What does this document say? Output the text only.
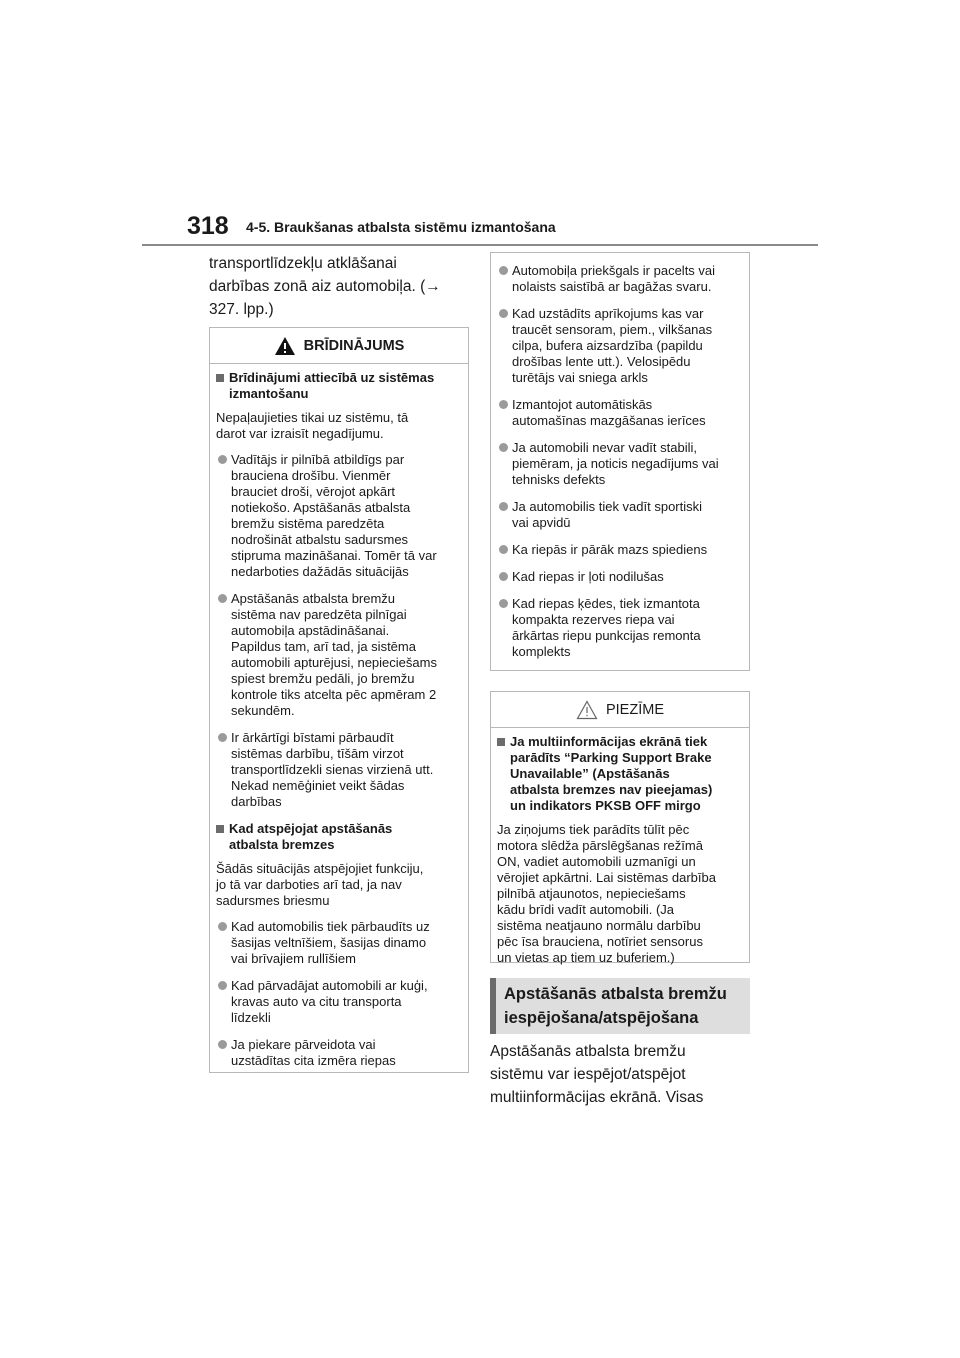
318 4-5. Braukšanas atbalsta sistēmu izmantošana

transportlīdzekļu atklāšanai
darbības zonā aiz automobiļa. (→
327. lpp.)

BRĪDINĀJUMS
Brīdinājumi attiecībā uz sistēmas
izmantošanu

Nepaļaujieties tikai uz sistēmu, tā
darot var izraisīt negadījumu.

Vadītājs ir pilnībā atbildīgs par
brauciena drošību. Vienmēr
brauciet droši, vērojot apkārt
notiekošo. Apstāšanās atbalsta
bremžu sistēma paredzēta
nodrošināt atbalstu sadursmes
stipruma mazināšanai. Tomēr tā var
nedarboties dažādās situācijās
Apstāšanās atbalsta bremžu
sistēma nav paredzēta pilnīgai
automobiļa apstādināšanai.
Papildus tam, arī tad, ja sistēma
automobili apturējusi, nepieciešams
spiest bremžu pedāli, jo bremžu
kontrole tiks atcelta pēc apmēram 2
sekundēm.
Ir ārkārtīgi bīstami pārbaudīt
sistēmas darbību, tīšām virzot
transportlīdzekli sienas virzienā utt.
Nekad nemēģiniet veikt šādas
darbības
Kad atspējojat apstāšanās
atbalsta bremzes

Šādās situācijās atspējojiet funkciju,
jo tā var darboties arī tad, ja nav
sadursmes briesmu

Kad automobilis tiek pārbaudīts uz
šasijas veltnīšiem, šasijas dinamo
vai brīvajiem rullīšiem
Kad pārvadājat automobili ar kuģi,
kravas auto va citu transporta
līdzekli
Ja piekare pārveidota vai
uzstādītas cita izmēra riepas
Automobiļa priekšgals ir pacelts vai
nolaists saistībā ar bagāžas svaru.
Kad uzstādīts aprīkojums kas var
traucēt sensoram, piem., vilkšanas
cilpa, bufera aizsardzība (papildu
drošības lente utt.). Velosipēdu
turētājs vai sniega arkls
Izmantojot automātiskās
automašīnas mazgāšanas ierīces
Ja automobili nevar vadīt stabili,
piemēram, ja noticis negadījums vai
tehnisks defekts
Ja automobilis tiek vadīt sportiski
vai apvidū
Ka riepās ir pārāk mazs spiediens
Kad riepas ir ļoti nodilušas
Kad riepas ķēdes, tiek izmantota
kompakta rezerves riepa vai
ārkārtas riepu punkcijas remonta
komplekts
PIEZĪME
Ja multiinformācijas ekrānā tiek
parādīts “Parking Support Brake
Unavailable” (Apstāšanās
atbalsta bremzes nav pieejamas)
un indikators PKSB OFF mirgo

Ja ziņojums tiek parādīts tūlīt pēc
motora slēdža pārslēgšanas režīmā
ON, vadiet automobili uzmanīgi un
vērojiet apkārtni. Lai sistēmas darbība
pilnībā atjaunotos, nepieciešams
kādu brīdi vadīt automobili. (Ja
sistēma neatjauno normālu darbību
pēc īsa brauciena, notīriet sensorus
un vietas ap tiem uz buferiem.)

Apstāšanās atbalsta bremžu
iespējošana/atspējošana

Apstāšanās atbalsta bremžu
sistēmu var iespējot/atspējot
multiinformācijas ekrānā. Visas
